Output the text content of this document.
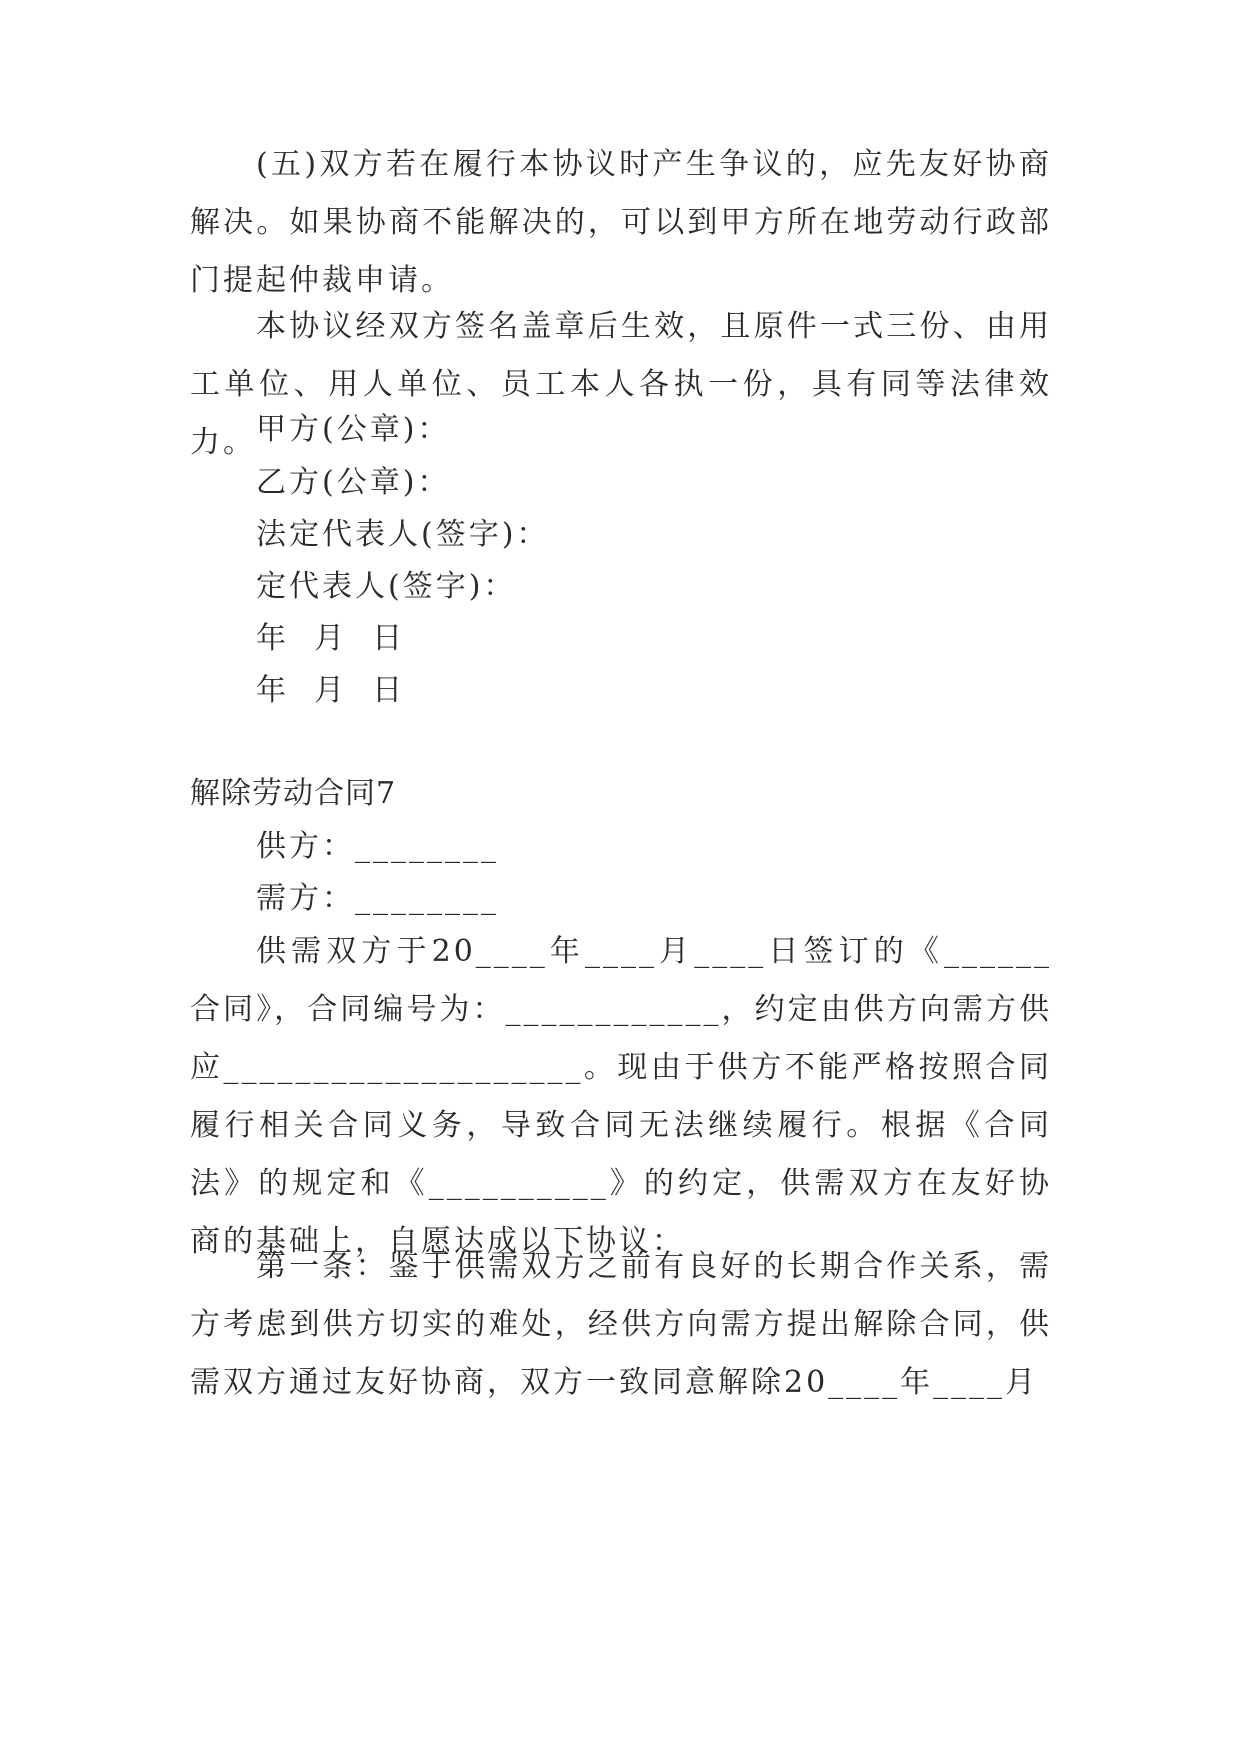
(五)双方若在履行本协议时产生争议的，应先友好协商解决。如果协商不能解决的，可以到甲方所在地劳动行政部门提起仲裁申请。
本协议经双方签名盖章后生效，且原件一式三份、由用工单位、用人单位、员工本人各执一份，具有同等法律效力。 甲方(公章)：
乙方(公章)：
法定代表人(签字)：
定代表人(签字)：
年  月  日
年  月  日
解除劳动合同7
供方：________
需方：________
供需双方于20____年____月____日签订的《______合同》，合同编号为：____________，约定由供方向需方供应____________________。现由于供方不能严格按照合同履行相关合同义务，导致合同无法继续履行。根据《合同法》的规定和《__________》的约定，供需双方在友好协商的基础上，自愿达成以下协议：
第一条：鉴于供需双方之前有良好的长期合作关系，需方考虑到供方切实的难处，经供方向需方提出解除合同，供需双方通过友好协商，双方一致同意解除20____年____月
